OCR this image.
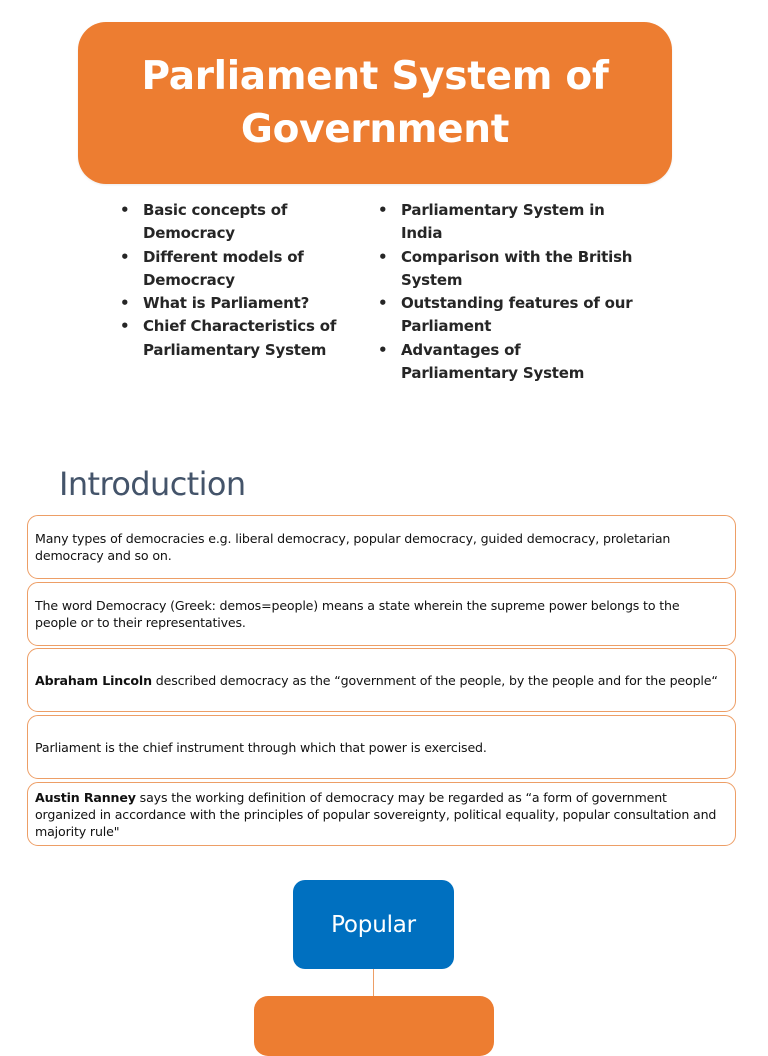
Parliament System of Government
• Basic concepts of Democracy
• Different models of Democracy
• What is Parliament?
• Chief Characteristics of Parliamentary System
• Parliamentary System in India
• Comparison with the British System
• Outstanding features of our Parliament
• Advantages of Parliamentary System
Introduction
Many types of democracies e.g. liberal democracy, popular democracy, guided democracy, proletarian democracy and so on.
The word Democracy (Greek: demos=people) means a state wherein the supreme power belongs to the people or to their representatives.
Abraham Lincoln described democracy as the “government of the people, by the people and for the people“
Parliament is the chief instrument through which that power is exercised.
Austin Ranney says the working definition of democracy may be regarded as “a form of government organized in accordance with the principles of popular sovereignty, political equality, popular consultation and majority rule"
Popular
